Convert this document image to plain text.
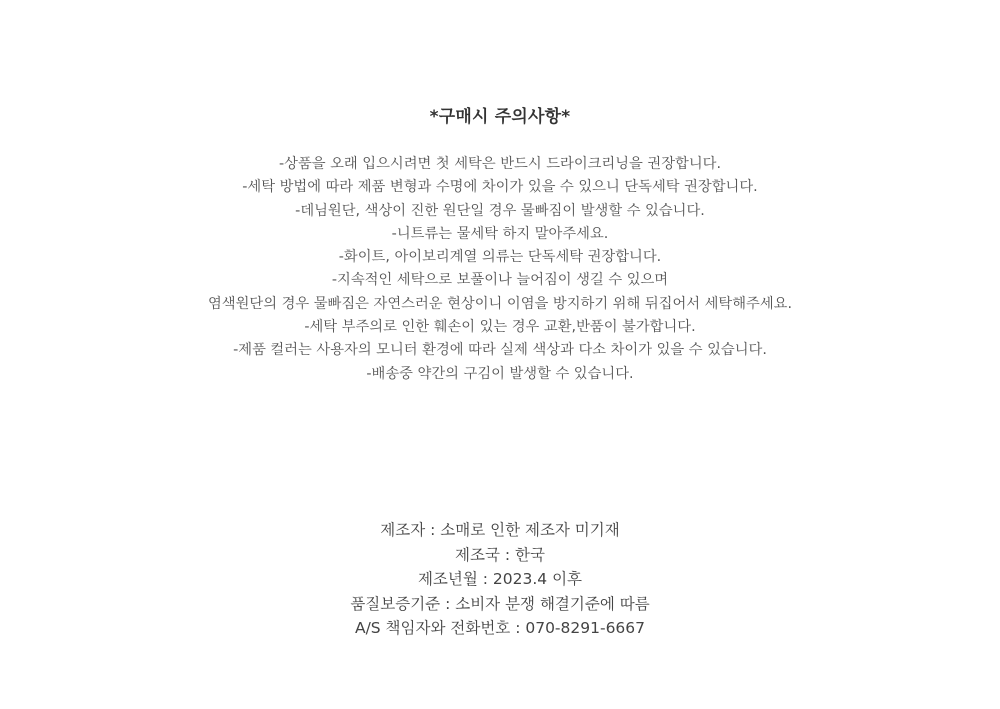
*구매시 주의사항*
-상품을 오래 입으시려면 첫 세탁은 반드시 드라이크리닝을 권장합니다.
-세탁 방법에 따라 제품 변형과 수명에 차이가 있을 수 있으니 단독세탁 권장합니다.
-데님원단, 색상이 진한 원단일 경우 물빠짐이 발생할 수 있습니다.
-니트류는 물세탁 하지 말아주세요.
-화이트, 아이보리계열 의류는 단독세탁 권장합니다.
-지속적인 세탁으로 보풀이나 늘어짐이 생길 수 있으며
염색원단의 경우 물빠짐은 자연스러운 현상이니 이염을 방지하기 위해 뒤집어서 세탁해주세요.
-세탁 부주의로 인한 훼손이 있는 경우 교환,반품이 불가합니다.
-제품 컬러는 사용자의 모니터 환경에 따라 실제 색상과 다소 차이가 있을 수 있습니다.
-배송중 약간의 구김이 발생할 수 있습니다.
제조자 : 소매로 인한 제조자 미기재
제조국 : 한국
제조년월 : 2023.4 이후
품질보증기준 : 소비자 분쟁 해결기준에 따름
A/S 책임자와 전화번호 : 070-8291-6667
